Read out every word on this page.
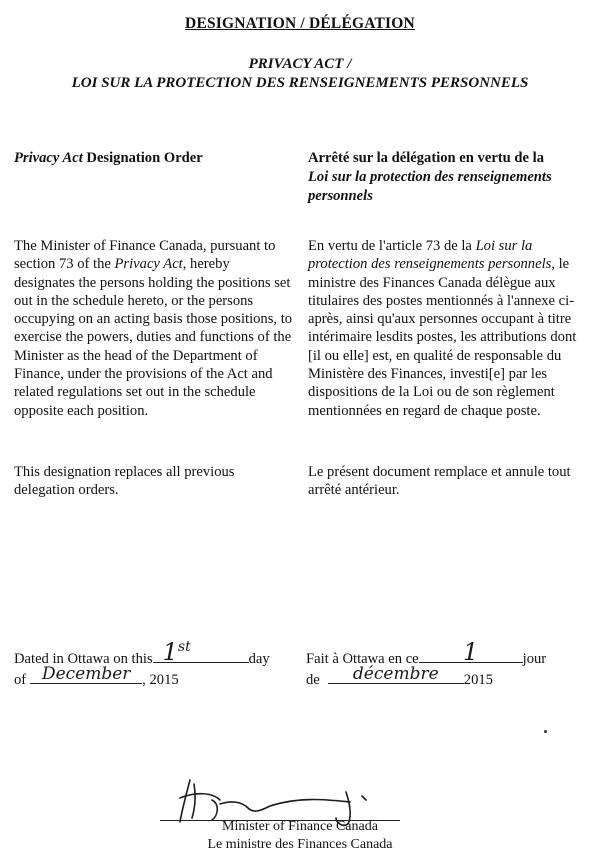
DESIGNATION / DÉLÉGATION
PRIVACY ACT /
LOI SUR LA PROTECTION DES RENSEIGNEMENTS PERSONNELS
Privacy Act Designation Order	Arrêté sur la délégation en vertu de la
Loi sur la protection des renseignements personnels
The Minister of Finance Canada, pursuant to section 73 of the Privacy Act, hereby designates the persons holding the positions set out in the schedule hereto, or the persons occupying on an acting basis those positions, to exercise the powers, duties and functions of the Minister as the head of the Department of Finance, under the provisions of the Act and related regulations set out in the schedule opposite each position.
En vertu de l'article 73 de la Loi sur la protection des renseignements personnels, le ministre des Finances Canada délègue aux titulaires des postes mentionnés à l'annexe ci-après, ainsi qu'aux personnes occupant à titre intérimaire lesdits postes, les attributions dont [il ou elle] est, en qualité de responsable du Ministère des Finances, investi[e] par les dispositions de la Loi ou de son règlement mentionnées en regard de chaque poste.
This designation replaces all previous delegation orders.
Le présent document remplace et annule tout arrêté antérieur.
Dated in Ottawa on this 1st
day
of December , 2015
Fait à Ottawa en ce	1	jour
de	décembre	2015
Minister of Finance Canada
Le ministre des Finances Canada
